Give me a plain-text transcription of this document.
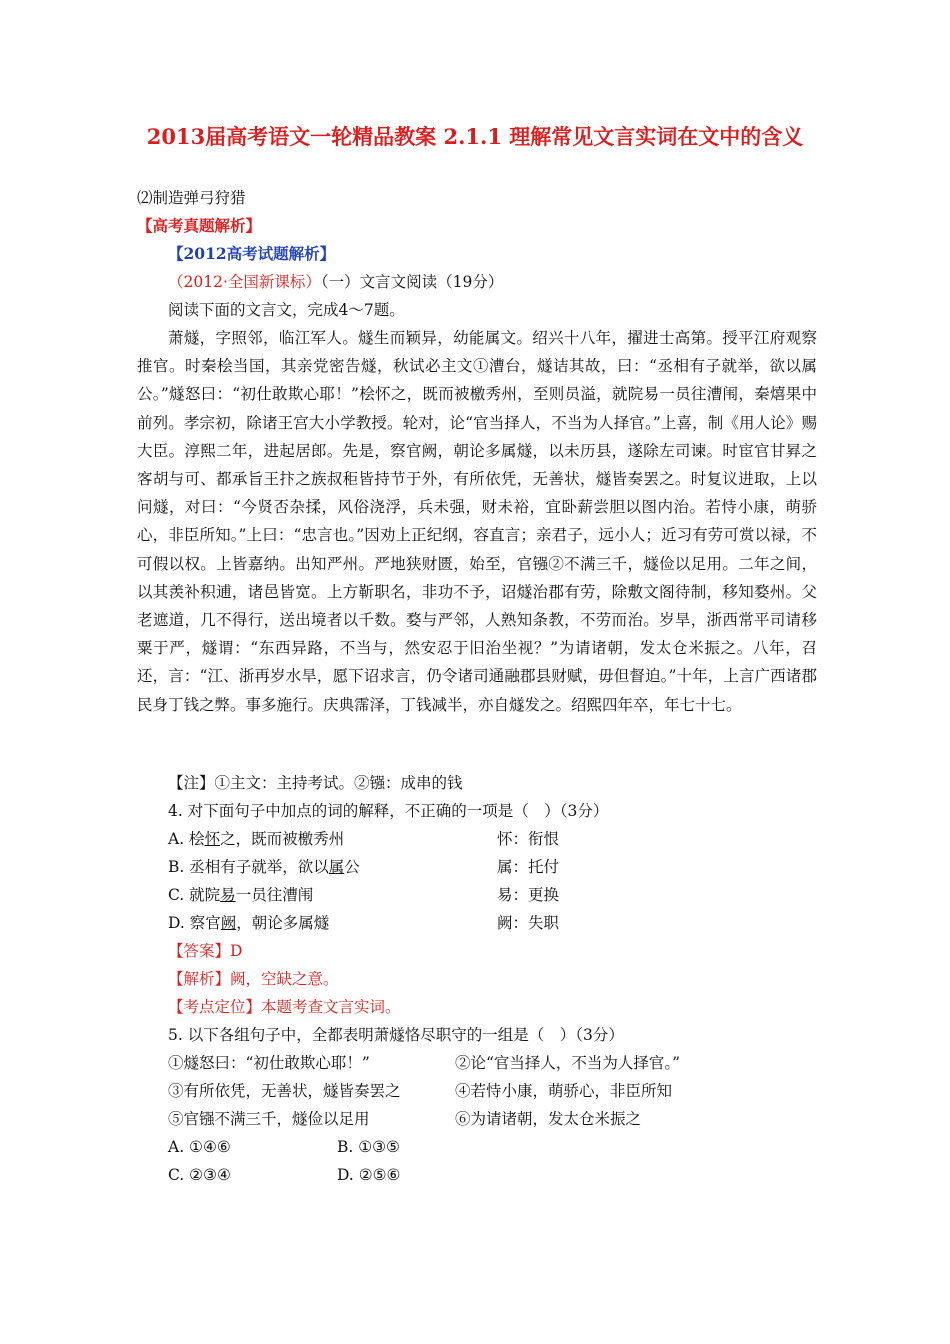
2013届高考语文一轮精品教案 2.1.1 理解常见文言实词在文中的含义
⑵制造弹弓狩猎
【高考真题解析】
【2012高考试题解析】
（2012·全国新课标）（一）文言文阅读（19分）
阅读下面的文言文，完成4～7题。
萧燧，字照邻，临江军人。燧生而颖异，幼能属文。绍兴十八年，擢进士高第。授平江府观察推官。时秦桧当国，其亲党密告燧，秋试必主文①漕台，燧诘其故，曰：“丞相有子就举，欲以属公。”燧怒曰：“初仕敢欺心耶！”桧怀之，既而被檄秀州，至则员溢，就院易一员往漕闱，秦熺果中前列。孝宗初，除诸王宫大小学教授。轮对，论“官当择人，不当为人择官。”上喜，制《用人论》赐大臣。淳熙二年，进起居郎。先是，察官阙，朝论多属燧，以未历县，遂除左司谏。时宦官甘昪之客胡与可、都承旨王抃之族叔秬皆持节于外，有所依凭，无善状，燧皆奏罢之。时复议进取，上以问燧，对曰：“今贤否杂揉，风俗浇浮，兵未强，财未裕，宜卧薪尝胆以图内治。若恃小康，萌骄心，非臣所知。”上曰：“忠言也。”因劝上正纪纲，容直言；亲君子，远小人；近习有劳可赏以禄，不可假以权。上皆嘉纳。出知严州。严地狭财匮，始至，官镪②不满三千，燧俭以足用。二年之间，以其羡补积逋，诸邑皆宽。上方靳职名，非功不予，诏燧治郡有劳，除敷文阁待制，移知婺州。父老遮道，几不得行，送出境者以千数。婺与严邻，人熟知条教，不劳而治。岁旱，浙西常平司请移粟于严，燧谓：“东西异路，不当与，然安忍于旧治坐视？”为请诸朝，发太仓米振之。八年，召还，言：“江、浙再岁水旱，愿下诏求言，仍令诸司通融郡县财赋，毋但督迫。”十年，上言广西诸郡民身丁钱之弊。事多施行。庆典霈泽，丁钱减半，亦自燧发之。绍熙四年卒，年七十七。
【注】①主文：主持考试。②镪：成串的钱
4. 对下面句子中加点的词的解释，不正确的一项是（　）（3分）
A. 桧怀之，既而被檄秀州	怀：衔恨
B. 丞相有子就举，欲以属公	属：托付
C. 就院易一员往漕闱	易：更换
D. 察官阙，朝论多属燧	阙：失职
【答案】D
【解析】阙，空缺之意。
【考点定位】本题考查文言实词。
5. 以下各组句子中，全都表明萧燧恪尽职守的一组是（　）（3分）
①燧怒曰：“初仕敢欺心耶！”	②论“官当择人，不当为人择官。”
③有所依凭，无善状，燧皆奏罢之	④若恃小康，萌骄心，非臣所知
⑤官镪不满三千，燧俭以足用	⑥为请诸朝，发太仓米振之
A. ①④⑥	B. ①③⑤
C. ②③④	D. ②⑤⑥
